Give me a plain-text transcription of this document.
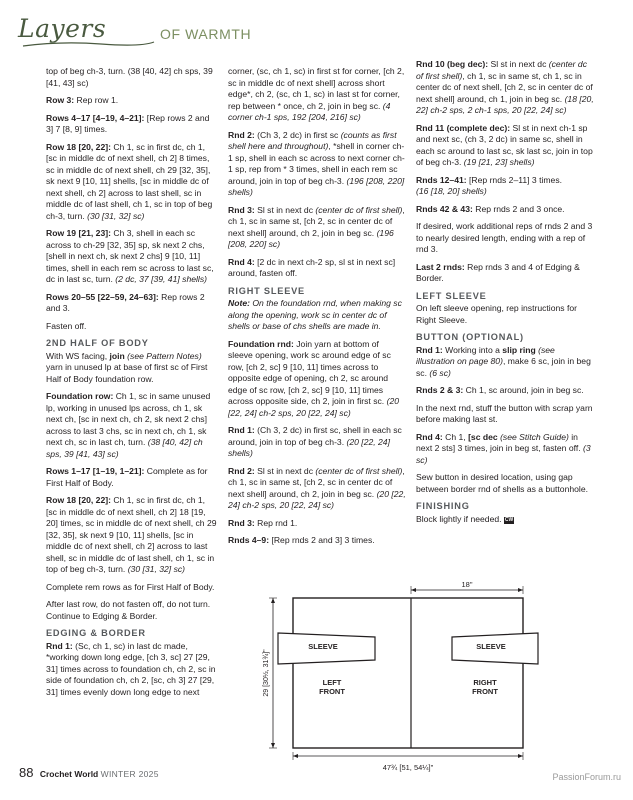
Layers	OF WARMTH

top of beg ch-3, turn. (38 [40, 42] ch sps, 39 [41, 43] sc)

Row 3: Rep row 1.

Rows 4–17 [4–19, 4–21]: [Rep rows 2 and 3] 7 [8, 9] times.

Row 18 [20, 22]: Ch 1, sc in first dc, ch 1, [sc in middle dc of next shell, ch 2] 8 times, sc in middle dc of next shell, ch 29 [32, 35], sk next 9 [10, 11] shells, [sc in middle dc of next shell, ch 2] across to last shell, sc in middle dc of last shell, ch 1, sc in top of beg ch-3, turn. (30 [31, 32] sc)

Row 19 [21, 23]: Ch 3, shell in each sc across to ch-29 [32, 35] sp, sk next 2 chs, [shell in next ch, sk next 2 chs] 9 [10, 11] times, shell in each rem sc across to last sc, dc in last sc, turn. (2 dc, 37 [39, 41] shells)

Rows 20–55 [22–59, 24–63]: Rep rows 2 and 3.

Fasten off.

2ND HALF OF BODY

With WS facing, join (see Pattern Notes) yarn in unused lp at base of first sc of First Half of Body foundation row.

Foundation row: Ch 1, sc in same unused lp, working in unused lps across, ch 1, sk next ch, [sc in next ch, ch 2, sk next 2 chs] across to last 3 chs, sc in next ch, ch 1, sk next ch, sc in last ch, turn. (38 [40, 42] ch sps, 39 [41, 43] sc)

Rows 1–17 [1–19, 1–21]: Complete as for First Half of Body.

Row 18 [20, 22]: Ch 1, sc in first dc, ch 1, [sc in middle dc of next shell, ch 2] 18 [19, 20] times, sc in middle dc of next shell, ch 29 [32, 35], sk next 9 [10, 11] shells, [sc in middle dc of next shell, ch 2] across to last shell, sc in middle dc of last shell, ch 1, sc in top of beg ch-3, turn. (30 [31, 32] sc)

Complete rem rows as for First Half of Body.

After last row, do not fasten off, do not turn. Continue to Edging & Border.

EDGING & BORDER

Rnd 1: (Sc, ch 1, sc) in last dc made, *working down long edge, [ch 3, sc] 27 [29, 31] times across to foundation ch, ch 2, sc in side of foundation ch, ch 2, [sc, ch 3] 27 [29, 31] times evenly down long edge to next

corner, (sc, ch 1, sc) in first st for corner, [ch 2, sc in middle dc of next shell] across short edge*, ch 2, (sc, ch 1, sc) in last st for corner, rep between * once, ch 2, join in beg sc. (4 corner ch-1 sps, 192 [204, 216] sc)

Rnd 2: (Ch 3, 2 dc) in first sc (counts as first shell here and throughout), *shell in corner ch-1 sp, shell in each sc across to next corner ch-1 sp, rep from * 3 times, shell in each rem sc around, join in top of beg ch-3. (196 [208, 220] shells)

Rnd 3: Sl st in next dc (center dc of first shell), ch 1, sc in same st, [ch 2, sc in center dc of next shell] around, ch 2, join in beg sc. (196 [208, 220] sc)

Rnd 4: [2 dc in next ch-2 sp, sl st in next sc] around, fasten off.

RIGHT SLEEVE

Note: On the foundation rnd, when making sc along the opening, work sc in center dc of shells or base of chs shells are made in.

Foundation rnd: Join yarn at bottom of sleeve opening, work sc around edge of sc row, [ch 2, sc] 9 [10, 11] times across to opposite edge of opening, ch 2, sc around edge of sc row, [ch 2, sc] 9 [10, 11] times across opposite side, ch 2, join in first sc. (20 [22, 24] ch-2 sps, 20 [22, 24] sc)

Rnd 1: (Ch 3, 2 dc) in first sc, shell in each sc around, join in top of beg ch-3. (20 [22, 24] shells)

Rnd 2: Sl st in next dc (center dc of first shell), ch 1, sc in same st, [ch 2, sc in center dc of next shell] around, ch 2, join in beg sc. (20 [22, 24] ch-2 sps, 20 [22, 24] sc)

Rnd 3: Rep rnd 1.

Rnds 4–9: [Rep rnds 2 and 3] 3 times.

Rnd 10 (beg dec): Sl st in next dc (center dc of first shell), ch 1, sc in same st, ch 1, sc in center dc of next shell, [ch 2, sc in center dc of next shell] around, ch 1, join in beg sc. (18 [20, 22] ch-2 sps, 2 ch-1 sps, 20 [22, 24] sc)

Rnd 11 (complete dec): Sl st in next ch-1 sp and next sc, (ch 3, 2 dc) in same sc, shell in each sc around to last sc, sk last sc, join in top of beg ch-3. (19 [21, 23] shells)

Rnds 12–41: [Rep rnds 2–11] 3 times.
(16 [18, 20] shells)

Rnds 42 & 43: Rep rnds 2 and 3 once.

If desired, work additional reps of rnds 2 and 3 to nearly desired length, ending with a rep of rnd 3.

Last 2 rnds: Rep rnds 3 and 4 of Edging & Border.

LEFT SLEEVE

On left sleeve opening, rep instructions for Right Sleeve.

BUTTON (OPTIONAL)

Rnd 1: Working into a slip ring (see illustration on page 80), make 6 sc, join in beg sc. (6 sc)

Rnds 2 & 3: Ch 1, sc around, join in beg sc.

In the next rnd, stuff the button with scrap yarn before making last st.

Rnd 4: Ch 1, [sc dec (see Stitch Guide) in next 2 sts] 3 times, join in beg st, fasten off. (3 sc)

Sew button in desired location, using gap between border rnd of shells as a buttonhole.

FINISHING

Block lightly if needed. CW

18"
SLEEVE	SLEEVE
LEFT
FRONT
RIGHT
FRONT
29 [30½, 31¾]"
47¾ [51, 54¼]"
88 Crochet World WINTER 2025	PassionForum.ru
